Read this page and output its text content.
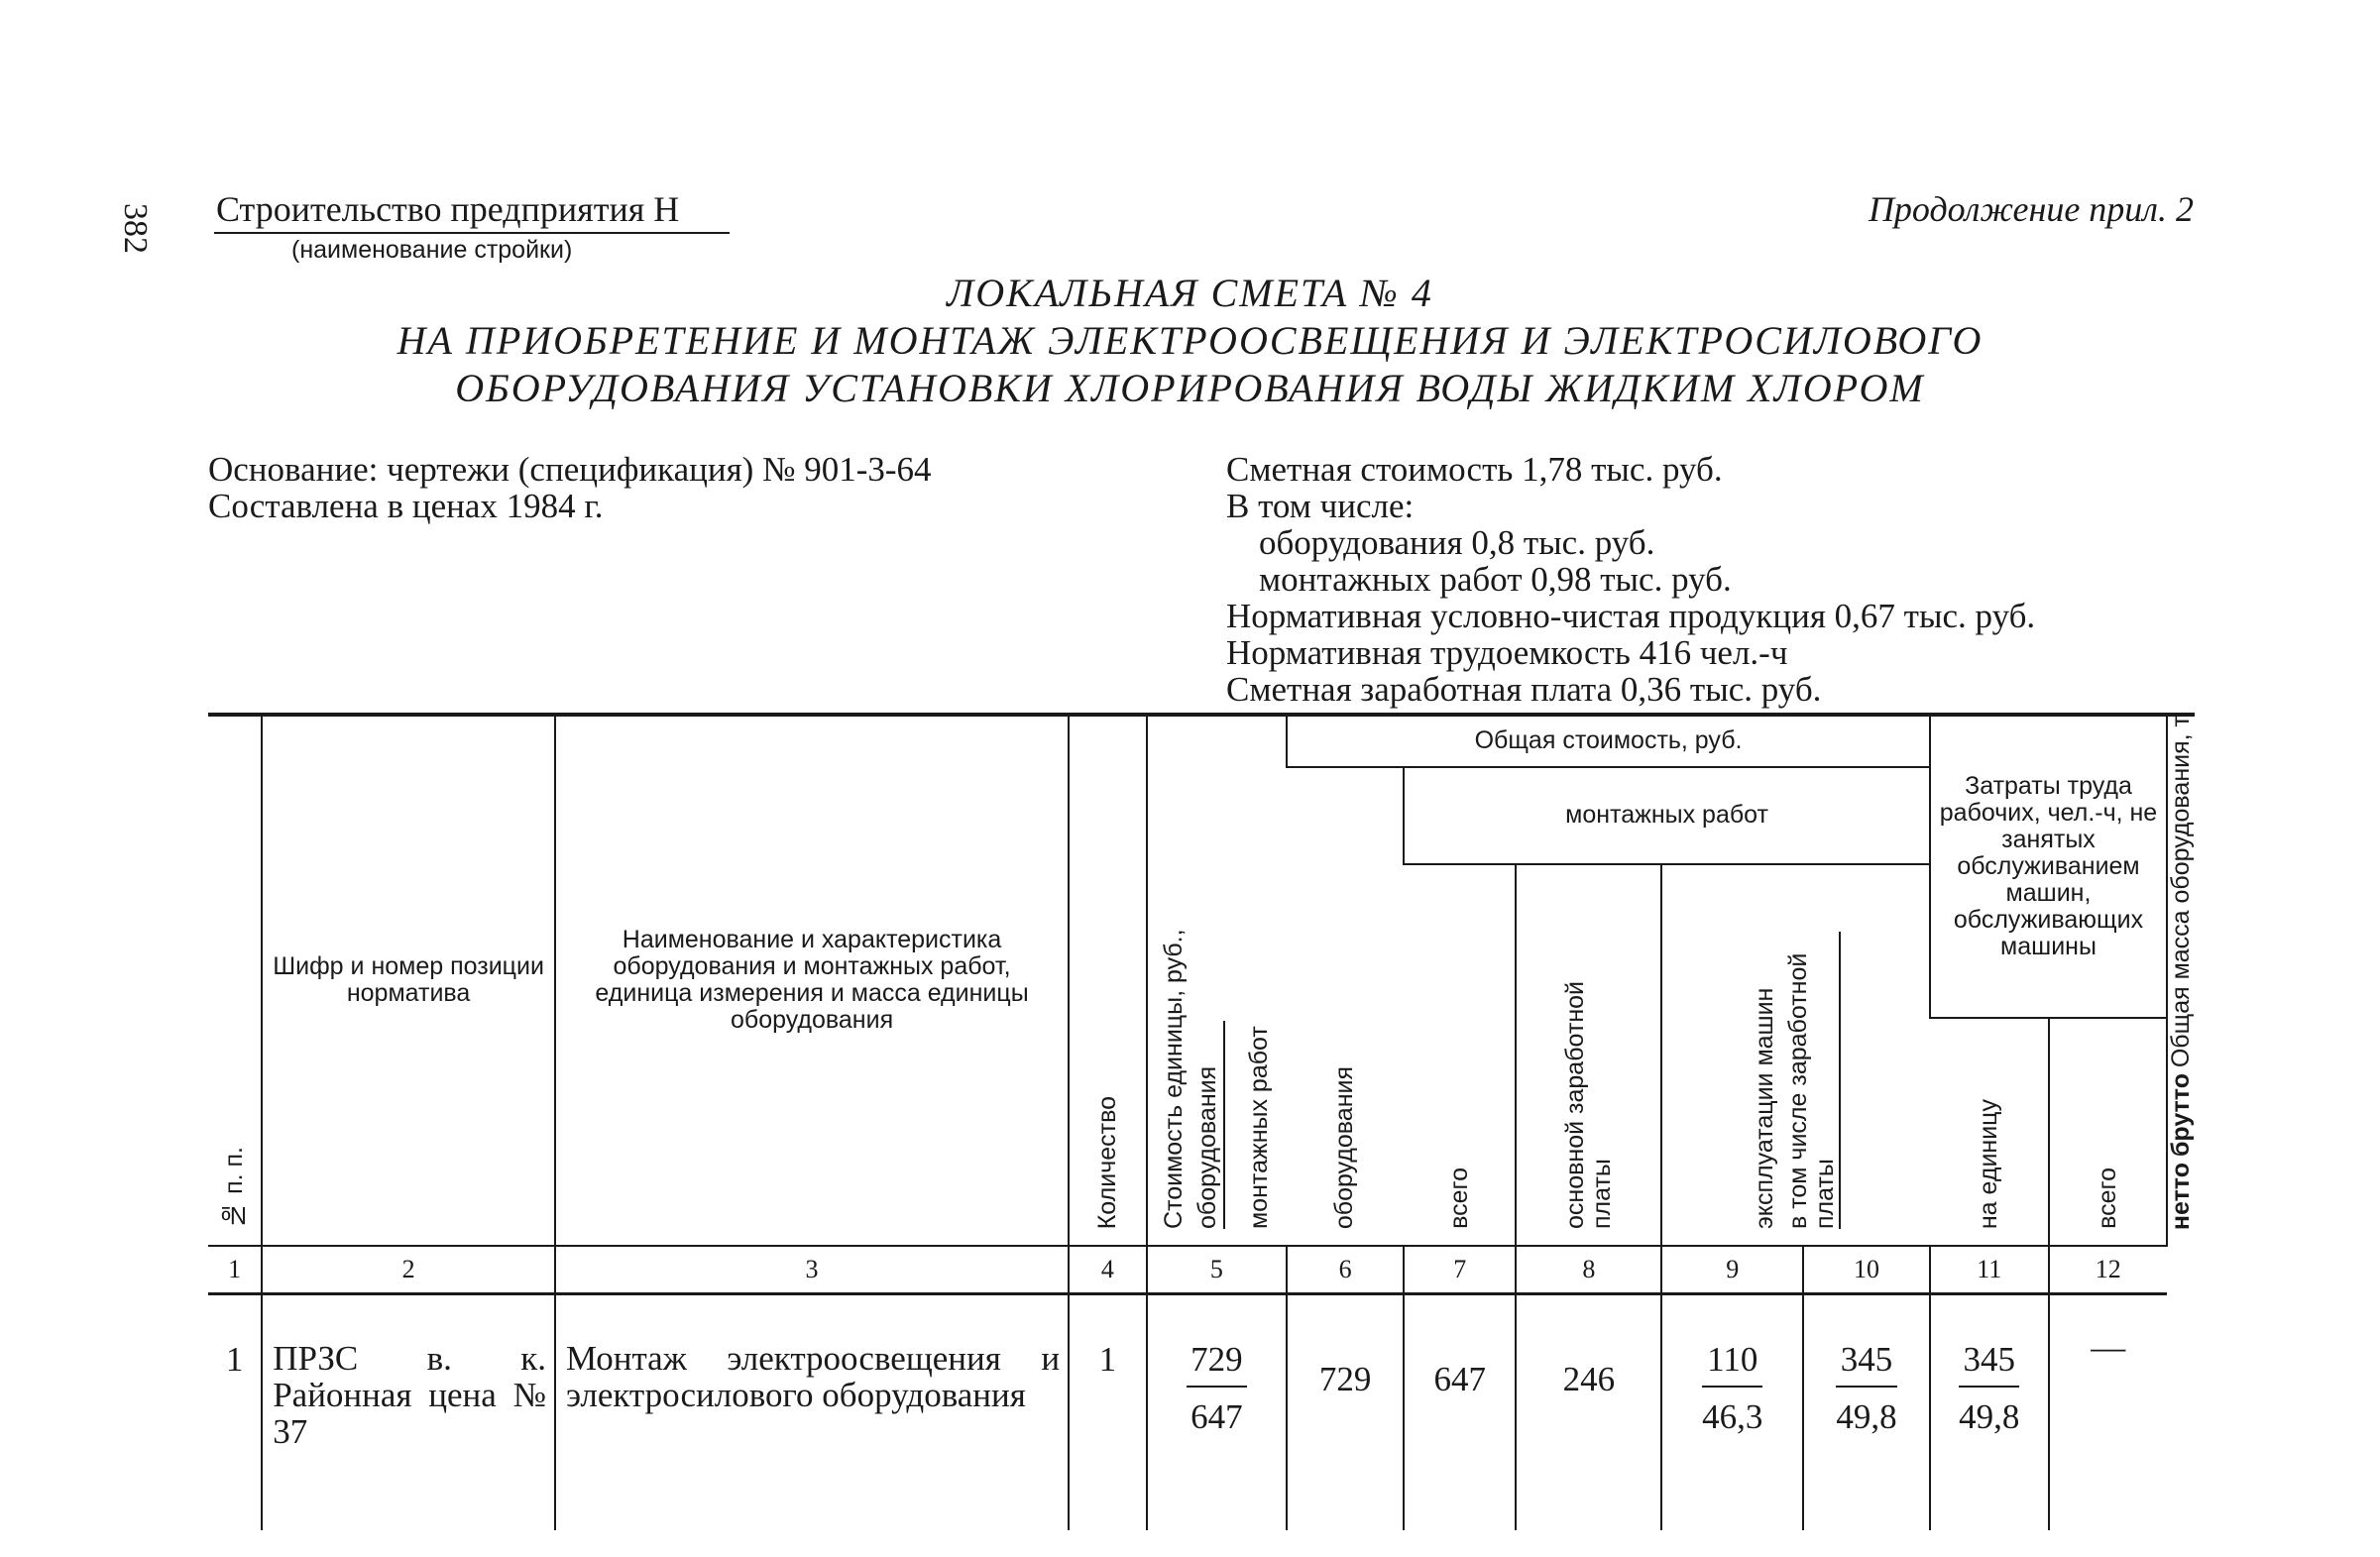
382 Строительство предприятия Н
(наименование стройки)
Продолжение прил. 2
ЛОКАЛЬНАЯ СМЕТА № 4
НА ПРИОБРЕТЕНИЕ И МОНТАЖ ЭЛЕКТРООСВЕЩЕНИЯ И ЭЛЕКТРОСИЛОВОГО
ОБОРУДОВАНИЯ УСТАНОВКИ ХЛОРИРОВАНИЯ ВОДЫ ЖИДКИМ ХЛОРОМ
Основание: чертежи (спецификация) № 901-3-64
Составлена в ценах 1984 г.
Сметная стоимость 1,78 тыс. руб.
В том числе:
оборудования 0,8 тыс. руб.
монтажных работ 0,98 тыс. руб.
Нормативная условно-чистая продукция 0,67 тыс. руб.
Нормативная трудоемкость 416 чел.-ч
Сметная заработная плата 0,36 тыс. руб.
№ п. п.	Шифр и номер позиции норматива	Наименование и характеристика оборудования и монтажных работ, единица измерения и масса единицы оборудования	Количество	Стоимость единицы, руб., оборудования монтажных работ	Общая стоимость, руб.					Затраты труда рабочих, чел.-ч, не занятых обслуживанием машин, обслуживающих машины		Общая масса оборудования, т брутто нетто
					оборудования	монтажных работ						
						всего	основной заработной платы	эксплуатации машин в том числе заработной платы				
										на единицу	всего	
1	2	3	4	5	6	7	8	9	10	11	12	

1	ПРЗС в. к. Районная цена № 37	Монтаж электроосвещения и электросилового оборудования	1	$\frac{729}{647}$	729	647	246	$\frac{110}{46,3}$	$\frac{345}{49,8}$	$\frac{345}{49,8}$	—	
